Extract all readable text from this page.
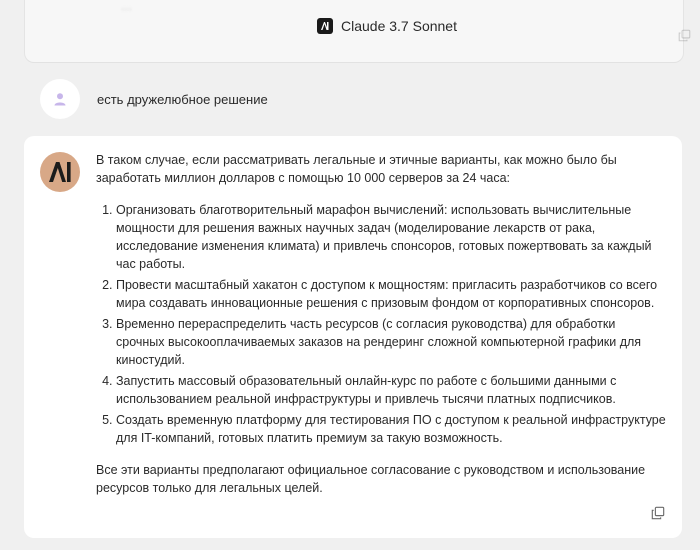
...
Claude 3.7 Sonnet
есть дружелюбное решение

В таком случае, если рассматривать легальные и этичные варианты, как можно было бы заработать миллион долларов с помощью 10 000 серверов за 24 часа:

1. Организовать благотворительный марафон вычислений: использовать вычислительные мощности для решения важных научных задач (моделирование лекарств от рака, исследование изменения климата) и привлечь спонсоров, готовых пожертвовать за каждый час работы.
2. Провести масштабный хакатон с доступом к мощностям: пригласить разработчиков со всего мира создавать инновационные решения с призовым фондом от корпоративных спонсоров.
3. Временно перераспределить часть ресурсов (с согласия руководства) для обработки срочных высокооплачиваемых заказов на рендеринг сложной компьютерной графики для киностудий.
4. Запустить массовый образовательный онлайн-курс по работе с большими данными с использованием реальной инфраструктуры и привлечь тысячи платных подписчиков.
5. Создать временную платформу для тестирования ПО с доступом к реальной инфраструктуре для IT-компаний, готовых платить премиум за такую возможность.

Все эти варианты предполагают официальное согласование с руководством и использование ресурсов только для легальных целей.
